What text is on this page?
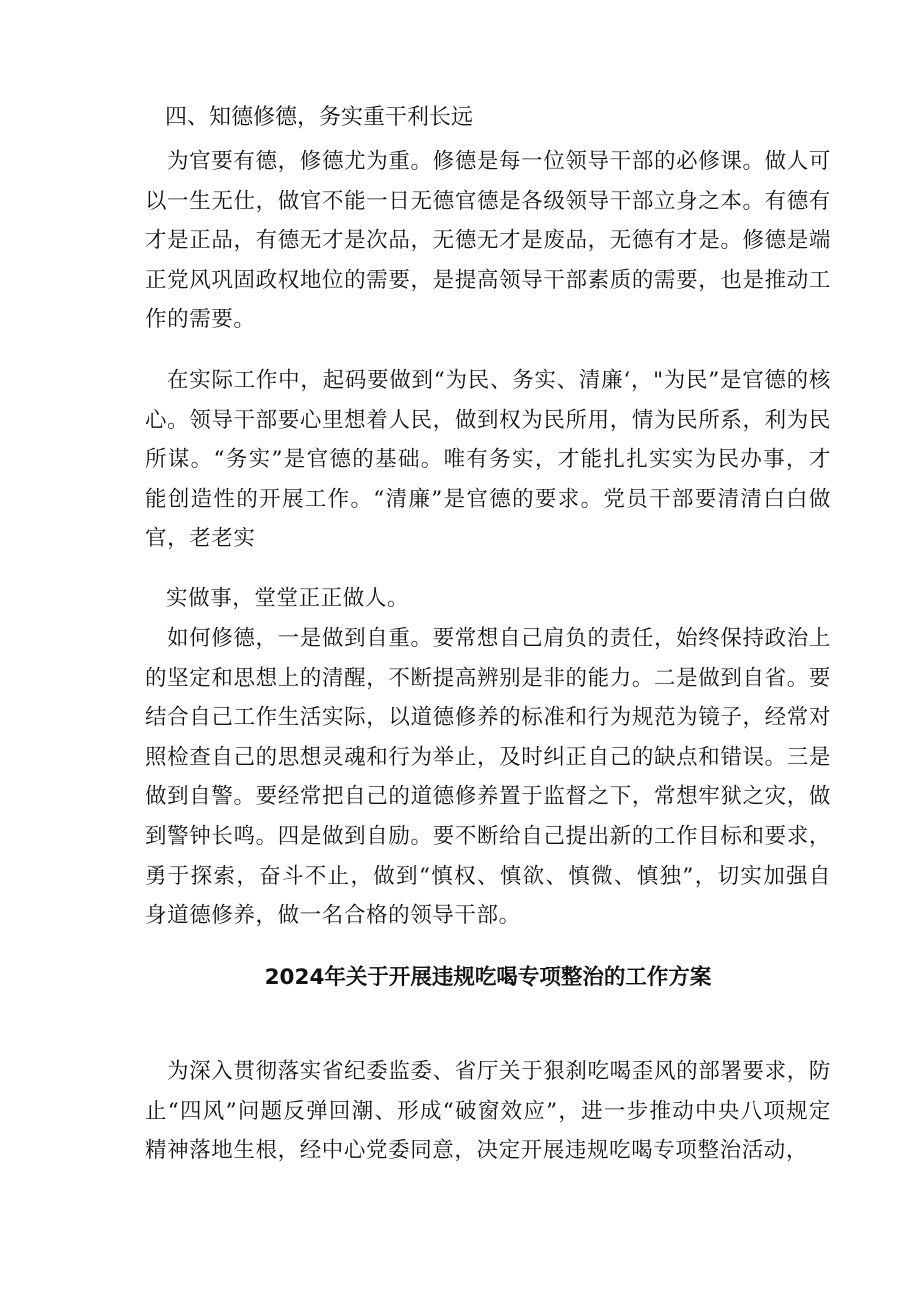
四、知德修德，务实重干利长远

为官要有德，修德尤为重。修德是每一位领导干部的必修课。做人可以一生无仕，做官不能一日无德官德是各级领导干部立身之本。有德有才是正品，有德无才是次品，无德无才是废品，无德有才是。修德是端正党风巩固政权地位的需要，是提高领导干部素质的需要，也是推动工作的需要。

在实际工作中，起码要做到“为民、务实、清廉‘，"为民”是官德的核心。领导干部要心里想着人民，做到权为民所用，情为民所系，利为民所谋。“务实”是官德的基础。唯有务实，才能扎扎实实为民办事，才能创造性的开展工作。“清廉”是官德的要求。党员干部要清清白白做官，老老实

实做事，堂堂正正做人。

如何修德，一是做到自重。要常想自己肩负的责任，始终保持政治上的坚定和思想上的清醒，不断提高辨别是非的能力。二是做到自省。要结合自己工作生活实际，以道德修养的标准和行为规范为镜子，经常对照检查自己的思想灵魂和行为举止，及时纠正自己的缺点和错误。三是做到自警。要经常把自己的道德修养置于监督之下，常想牢狱之灾，做到警钟长鸣。四是做到自励。要不断给自己提出新的工作目标和要求，勇于探索，奋斗不止，做到“慎权、慎欲、慎微、慎独”，切实加强自身道德修养，做一名合格的领导干部。

2024年关于开展违规吃喝专项整治的工作方案

为深入贯彻落实省纪委监委、省厅关于狠刹吃喝歪风的部署要求，防止“四风”问题反弹回潮、形成“破窗效应”，进一步推动中央八项规定精神落地生根，经中心党委同意，决定开展违规吃喝专项整治活动，
